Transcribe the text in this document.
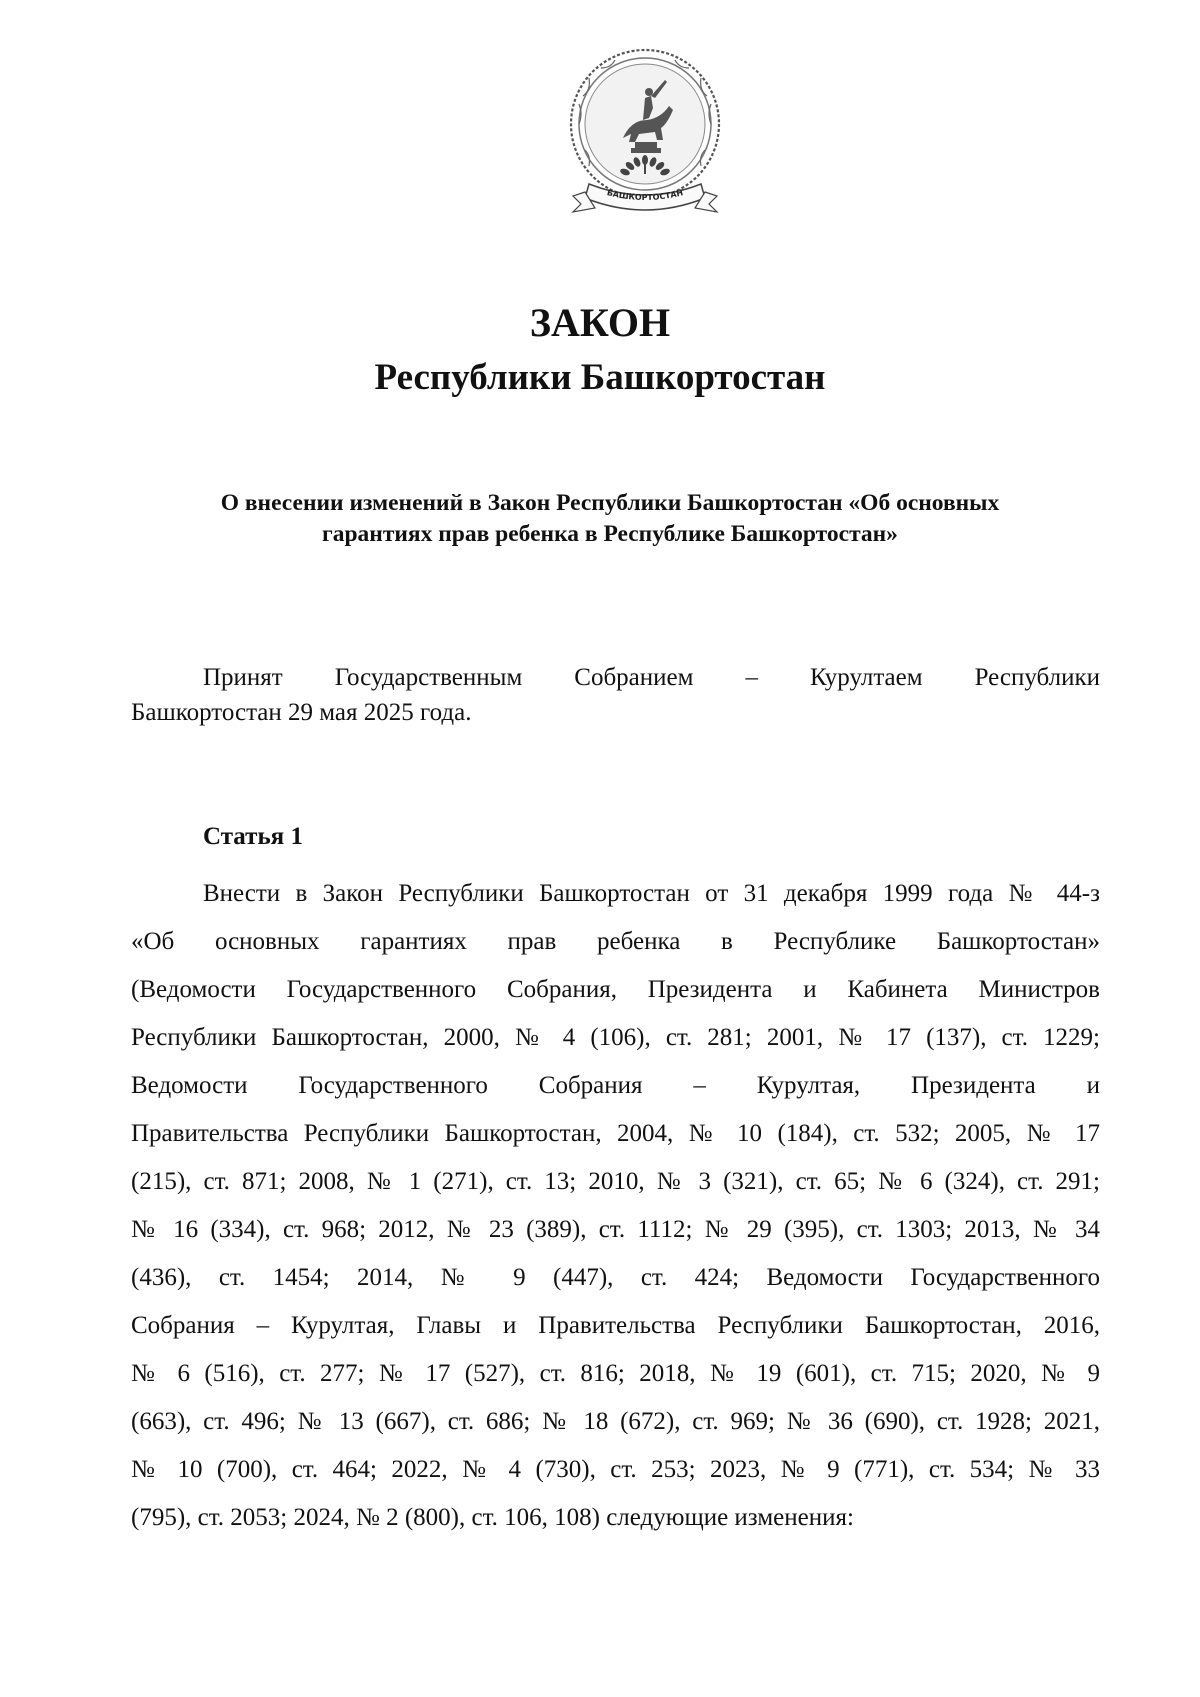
БАШКОРТОСТАН
ЗАКОН
Республики Башкортостан
О внесении изменений в Закон Республики Башкортостан «Об основных
гарантиях прав ребенка в Республике Башкортостан»
Принят Государственным Собранием – Курултаем Республики
Башкортостан 29 мая 2025 года.
Статья 1
Внести в Закон Республики Башкортостан от 31 декабря 1999 года № 44-з
«Об основных гарантиях прав ребенка в Республике Башкортостан»
(Ведомости Государственного Собрания, Президента и Кабинета Министров
Республики Башкортостан, 2000, № 4 (106), ст. 281; 2001, № 17 (137), ст. 1229;
Ведомости Государственного Собрания – Курултая, Президента и
Правительства Республики Башкортостан, 2004, № 10 (184), ст. 532; 2005, № 17
(215), ст. 871; 2008, № 1 (271), ст. 13; 2010, № 3 (321), ст. 65; № 6 (324), ст. 291;
№ 16 (334), ст. 968; 2012, № 23 (389), ст. 1112; № 29 (395), ст. 1303; 2013, № 34
(436), ст. 1454; 2014, № 9 (447), ст. 424; Ведомости Государственного
Собрания – Курултая, Главы и Правительства Республики Башкортостан, 2016,
№ 6 (516), ст. 277; № 17 (527), ст. 816; 2018, № 19 (601), ст. 715; 2020, № 9
(663), ст. 496; № 13 (667), ст. 686; № 18 (672), ст. 969; № 36 (690), ст. 1928; 2021,
№ 10 (700), ст. 464; 2022, № 4 (730), ст. 253; 2023, № 9 (771), ст. 534; № 33
(795), ст. 2053; 2024, № 2 (800), ст. 106, 108) следующие изменения:
